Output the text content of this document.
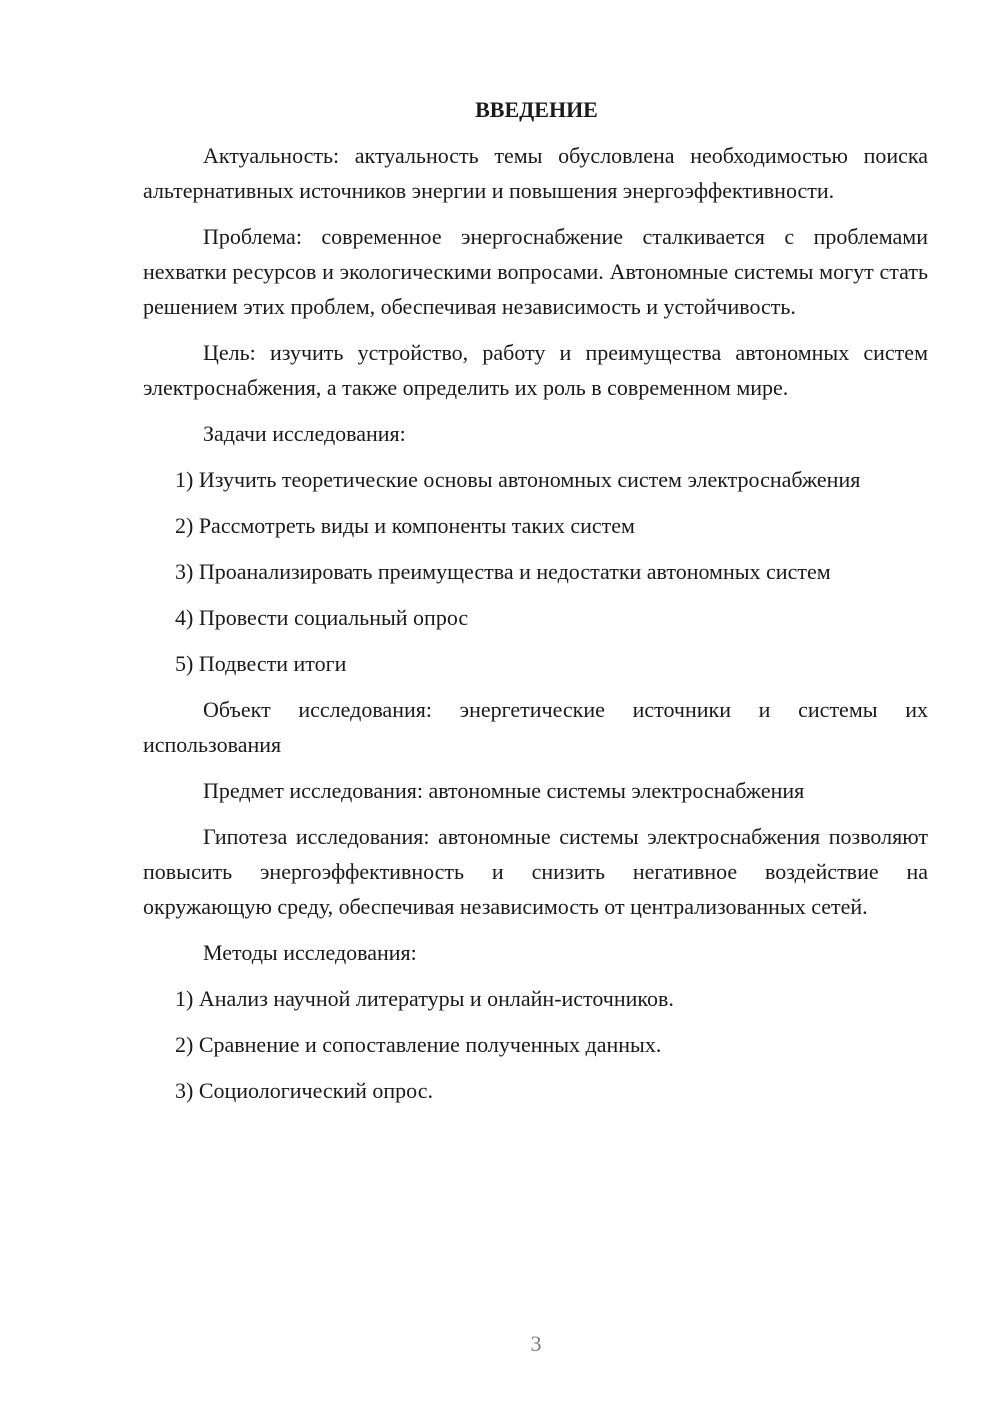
ВВЕДЕНИЕ
Актуальность: актуальность темы обусловлена необходимостью поиска альтернативных источников энергии и повышения энергоэффективности.
Проблема: современное энергоснабжение сталкивается с проблемами нехватки ресурсов и экологическими вопросами. Автономные системы могут стать решением этих проблем, обеспечивая независимость и устойчивость.
Цель: изучить устройство, работу и преимущества автономных систем электроснабжения, а также определить их роль в современном мире.
Задачи исследования:
1) Изучить теоретические основы автономных систем электроснабжения
2) Рассмотреть виды и компоненты таких систем
3) Проанализировать преимущества и недостатки автономных систем
4) Провести социальный опрос
5) Подвести итоги
Объект исследования: энергетические источники и системы их использования
Предмет исследования: автономные системы электроснабжения
Гипотеза исследования: автономные системы электроснабжения позволяют повысить энергоэффективность и снизить негативное воздействие на окружающую среду, обеспечивая независимость от централизованных сетей.
Методы исследования:
1) Анализ научной литературы и онлайн-источников.
2) Сравнение и сопоставление полученных данных.
3) Социологический опрос.
3
